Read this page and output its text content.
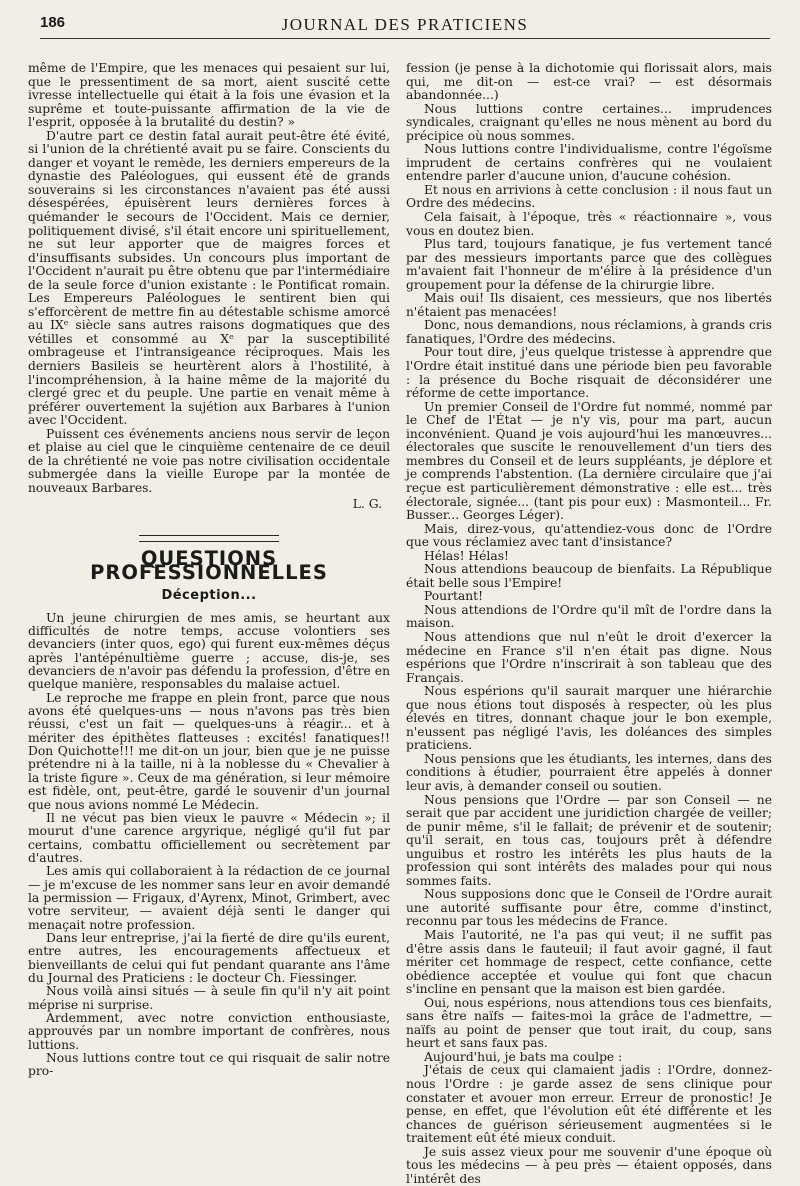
186	JOURNAL DES PRATICIENS

même de l'Empire, que les menaces qui pesaient sur lui, que le pressentiment de sa mort, aient suscité cette ivresse intellectuelle qui était à la fois une évasion et la suprême et toute-puissante affirmation de la vie de l'esprit, opposée à la brutalité du destin? »

D'autre part ce destin fatal aurait peut-être été évité, si l'union de la chrétienté avait pu se faire. Conscients du danger et voyant le remède, les derniers empereurs de la dynastie des Paléologues, qui eussent été de grands souverains si les circonstances n'avaient pas été aussi désespérées, épuisèrent leurs dernières forces à quémander le secours de l'Occident. Mais ce dernier, politiquement divisé, s'il était encore uni spirituellement, ne sut leur apporter que de maigres forces et d'insuffisants subsides. Un concours plus important de l'Occident n'aurait pu être obtenu que par l'intermédiaire de la seule force d'union existante : le Pontificat romain. Les Empereurs Paléologues le sentirent bien qui s'efforcèrent de mettre fin au détestable schisme amorcé au IXᵉ siècle sans autres raisons dogmatiques que des vétilles et consommé au Xᵉ par la susceptibilité ombrageuse et l'intransigeance réciproques. Mais les derniers Basileis se heurtèrent alors à l'hostilité, à l'incompréhension, à la haine même de la majorité du clergé grec et du peuple. Une partie en venait même à préférer ouvertement la sujétion aux Barbares à l'union avec l'Occident.

Puissent ces événements anciens nous servir de leçon et plaise au ciel que le cinquième centenaire de ce deuil de la chrétienté ne voie pas notre civilisation occidentale submergée dans la vieille Europe par la montée de nouveaux Barbares.

L. G.

QUESTIONS PROFESSIONNELLES
Déception...

Un jeune chirurgien de mes amis, se heurtant aux difficultés de notre temps, accuse volontiers ses devanciers (inter quos, ego) qui furent eux-mêmes déçus après l'antépénultième guerre ; accuse, dis-je, ses devanciers de n'avoir pas défendu la profession, d'être en quelque manière, responsables du malaise actuel.

Le reproche me frappe en plein front, parce que nous avons été quelques-uns — nous n'avons pas très bien réussi, c'est un fait — quelques-uns à réagir... et à mériter des épithètes flatteuses : excités! fanatiques!! Don Quichotte!!! me dit-on un jour, bien que je ne puisse prétendre ni à la taille, ni à la noblesse du « Chevalier à la triste figure ». Ceux de ma génération, si leur mémoire est fidèle, ont, peut-être, gardé le souvenir d'un journal que nous avions nommé Le Médecin.

Il ne vécut pas bien vieux le pauvre « Médecin »; il mourut d'une carence argyrique, négligé qu'il fut par certains, combattu officiellement ou secrètement par d'autres.

Les amis qui collaboraient à la rédaction de ce journal — je m'excuse de les nommer sans leur en avoir demandé la permission — Frigaux, d'Ayrenx, Minot, Grimbert, avec votre serviteur, — avaient déjà senti le danger qui menaçait notre profession.

Dans leur entreprise, j'ai la fierté de dire qu'ils eurent, entre autres, les encouragements affectueux et bienveillants de celui qui fut pendant quarante ans l'âme du Journal des Praticiens : le docteur Ch. Fiessinger.

Nous voilà ainsi situés — à seule fin qu'il n'y ait point méprise ni surprise.

Ardemment, avec notre conviction enthousiaste, approuvés par un nombre important de confrères, nous luttions.

Nous luttions contre tout ce qui risquait de salir notre pro-

fession (je pense à la dichotomie qui florissait alors, mais qui, me dit-on — est-ce vrai? — est désormais abandonnée...)

Nous luttions contre certaines... imprudences syndicales, craignant qu'elles ne nous mènent au bord du précipice où nous sommes.

Nous luttions contre l'individualisme, contre l'égoïsme imprudent de certains confrères qui ne voulaient entendre parler d'aucune union, d'aucune cohésion.

Et nous en arrivions à cette conclusion : il nous faut un Ordre des médecins.

Cela faisait, à l'époque, très « réactionnaire », vous vous en doutez bien.

Plus tard, toujours fanatique, je fus vertement tancé par des messieurs importants parce que des collègues m'avaient fait l'honneur de m'élire à la présidence d'un groupement pour la défense de la chirurgie libre.

Mais oui! Ils disaient, ces messieurs, que nos libertés n'étaient pas menacées!

Donc, nous demandions, nous réclamions, à grands cris fanatiques, l'Ordre des médecins.

Pour tout dire, j'eus quelque tristesse à apprendre que l'Ordre était institué dans une période bien peu favorable : la présence du Boche risquait de déconsidérer une réforme de cette importance.

Un premier Conseil de l'Ordre fut nommé, nommé par le Chef de l'État — je n'y vis, pour ma part, aucun inconvénient. Quand je vois aujourd'hui les manœuvres... électorales que suscite le renouvellement d'un tiers des membres du Conseil et de leurs suppléants, je déplore et je comprends l'abstention. (La dernière circulaire que j'ai reçue est particulièrement démonstrative : elle est... très électorale, signée... (tant pis pour eux) : Masmonteil... Fr. Busser... Georges Léger).

Mais, direz-vous, qu'attendiez-vous donc de l'Ordre que vous réclamiez avec tant d'insistance?

Hélas! Hélas!

Nous attendions beaucoup de bienfaits. La République était belle sous l'Empire!

Pourtant!

Nous attendions de l'Ordre qu'il mît de l'ordre dans la maison.

Nous attendions que nul n'eût le droit d'exercer la médecine en France s'il n'en était pas digne. Nous espérions que l'Ordre n'inscrirait à son tableau que des Français.

Nous espérions qu'il saurait marquer une hiérarchie que nous étions tout disposés à respecter, où les plus élevés en titres, donnant chaque jour le bon exemple, n'eussent pas négligé l'avis, les doléances des simples praticiens.

Nous pensions que les étudiants, les internes, dans des conditions à étudier, pourraient être appelés à donner leur avis, à demander conseil ou soutien.

Nous pensions que l'Ordre — par son Conseil — ne serait que par accident une juridiction chargée de veiller; de punir même, s'il le fallait; de prévenir et de soutenir; qu'il serait, en tous cas, toujours prêt à défendre unguibus et rostro les intérêts les plus hauts de la profession qui sont intérêts des malades pour qui nous sommes faits.

Nous supposions donc que le Conseil de l'Ordre aurait une autorité suffisante pour être, comme d'instinct, reconnu par tous les médecins de France.

Mais l'autorité, ne l'a pas qui veut; il ne suffit pas d'être assis dans le fauteuil; il faut avoir gagné, il faut mériter cet hommage de respect, cette confiance, cette obédience acceptée et voulue qui font que chacun s'incline en pensant que la maison est bien gardée.

Oui, nous espérions, nous attendions tous ces bienfaits, sans être naïfs — faites-moi la grâce de l'admettre, — naïfs au point de penser que tout irait, du coup, sans heurt et sans faux pas.

Aujourd'hui, je bats ma coulpe :

J'étais de ceux qui clamaient jadis : l'Ordre, donnez-nous l'Ordre : je garde assez de sens clinique pour constater et avouer mon erreur. Erreur de pronostic! Je pense, en effet, que l'évolution eût été différente et les chances de guérison sérieusement augmentées si le traitement eût été mieux conduit.

Je suis assez vieux pour me souvenir d'une époque où tous les médecins — à peu près — étaient opposés, dans l'intérêt des
